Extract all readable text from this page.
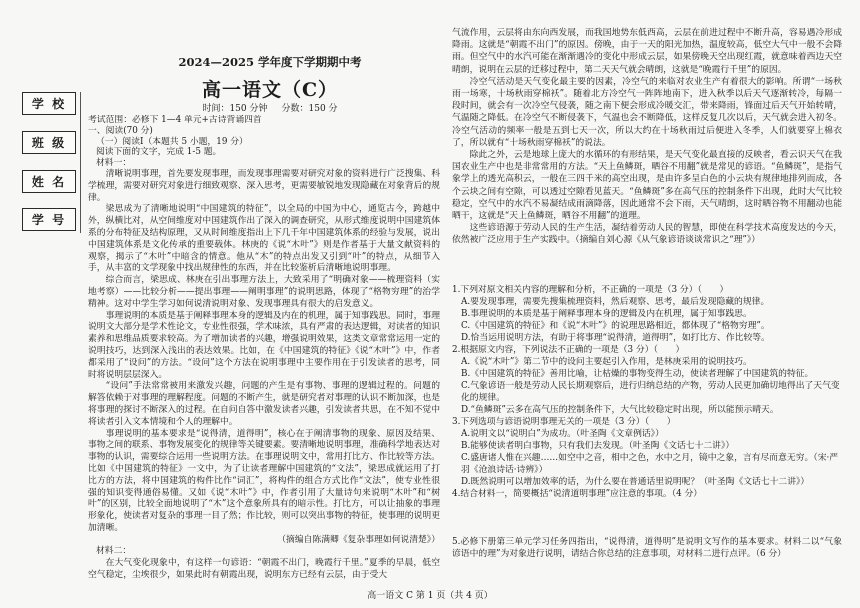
学 校
班 级
姓 名
学 号
2024—2025 学年度下学期期中考
高一语文（C）
时间：150 分钟 分数：150 分
考试范围：必修下 1—4 单元+古诗背诵四首
一、阅读(70 分)
（一）阅读Ⅰ（本题共 5 小题，19 分）
阅读下面的文字，完成 1-5 题。
材料一：

清晰说明事理，首先要发现事理，而发现事理需要对研究对象的资料进行广泛搜集、科学梳理，需要对研究对象进行细致观察、深入思考，更需要敏锐地发现隐藏在对象背后的规律。

梁思成为了清晰地说明“中国建筑的特征”，以全局的中国为中心，通览古今，跨越中外，纵横比对，从空间维度对中国建筑作出了深入的调查研究，从形式维度说明中国建筑体系的分布特征及结构原理，又从时间维度指出上下几千年中国建筑体系的经验与发展，说出中国建筑体系是文化传承的重要载体。林庚的《说“木叶”》则是作者基于大量文献资料的观察，揭示了“木叶”中暗含的情意。他从“木”的特点出发又引到“叶”的特点，从细节入手，从丰富的文学现象中找出规律性的东西，并在比较鉴析后清晰地说明事理。

综合而言，梁思成、林庚在引出事理方法上，大致采用了“明确对象——梳理资料（实地考察）——比较分析——提出事理——阐明事理”的说明思路，体现了“格物穷理”的治学精神。这对中学生学习如何说清说明对象、发现事理具有很大的启发意义。

事理说明的本质是基于阐释事理本身的逻辑及内在的机理，属于知事践思。同时，事理说明文大部分是学术性论文，专业性很强，学术味浓，具有严肃的表达逻辑，对读者的知识素养和思维品质要求较高。为了增加读者的兴趣，增强说明效果，这类文章常常运用一定的说明技巧，达到深入浅出的表达效果。比如，在《中国建筑的特征》《说“木叶”》中，作者都采用了“设问”的方法。“设问”这个方法在说明事理中主要作用在于引发读者的思考，同时将说明层层深入。

“设问”手法常常被用来激发兴趣，问题的产生是有事物、事理的逻辑过程的。问题的解答依赖于对事理的理解程度。问题的不断产生，就是研究者对事理的认识不断加深，也是将事理的探讨不断深入的过程。在自问自答中激发读者兴趣，引发读者共思，在不知不觉中将读者引入文本情境和个人的理解中。

事理说明的基本要求是“说得清，道得明”，核心在于阐清事物的现象、原因及结果、事物之间的联系、事物发展变化的规律等关键要素。要清晰地说明事理，准确科学地表达对事物的认识，需要综合运用一些说明方法。在事理说明文中，常用打比方、作比较等方法。比如《中国建筑的特征》一文中，为了让读者理解中国建筑的“文法”，梁思成就运用了打比方的方法，将中国建筑的构件比作“词汇”，将构件的组合方式比作“文法”，使专业性很强的知识变得通俗易懂。又如《说“木叶”》中，作者引用了大量诗句来说明“木叶”和“树叶”的区别，比较全面地说明了“木”这个意象所具有的暗示性。打比方，可以让抽象的事理形象化，使读者对复杂的事理一目了然；作比较，则可以突出事物的特征，使事理的说明更加清晰。

（摘编自陈满卿《复杂事理如何说清楚》）

材料二：

在大气变化现象中，有这样一句谚语：“朝霞不出门，晚霞行千里。”夏季的早晨，低空空气稳定，尘埃很少，如果此时有朝霞出现，说明东方已经有云层，由于受大

气流作用，云层将由东向西发展，而我国地势东低西高，云层在前进过程中不断升高，容易遇冷形成降雨。这就是“朝霞不出门”的原因。傍晚，由于一天的阳光加热，温度较高，低空大气中一般不会降雨。但空气中的水汽可能在渐渐遇冷的变化中形成云层，如果傍晚天空出现红霞，就意味着西边天空晴朗，说明在云层的迁移过程中，第二天天气就会晴朗，这就是“晚霞行千里”的原因。

冷空气活动是天气变化最主要的因素，冷空气的来临对农业生产有着很大的影响。所谓“一场秋雨一场寒，十场秋雨穿棉袄”。随着北方冷空气一阵阵地南下，进入秋季以后天气逐渐转冷，每隔一段时间，就会有一次冷空气侵袭，随之南下便会形成冷暖交汇，带来降雨，锋面过后天气开始转晴，气温随之降低。在冷空气不断侵袭下，气温也会不断降低，这样反复几次以后，天气就会进入初冬。冷空气活动的频率一般是五到七天一次，所以大约在十场秋雨过后便进入冬季，人们就要穿上棉衣了，所以就有“十场秋雨穿棉袄”的说法。

除此之外，云是地球上庞大的水循环的有形结果，是天气变化最直接的反映者，看云识天气在我国农业生产中也是非常常用的方法。“天上鱼鳞斑，晒谷不用翻”就是常见的谚语。“鱼鳞斑”，是指气象学上的透光高积云，一般在三四千米的高空出现，是由许多呈白色的小云块有规律地排列而成，各个云块之间有空隙，可以透过空隙看见蓝天。“鱼鳞斑”多在高气压的控制条件下出现，此时大气比较稳定，空气中的水汽不易凝结成雨滴降落，因此通常不会下雨，天气晴朗，这时晒谷物不用翻动也能晒干，这就是“天上鱼鳞斑，晒谷不用翻”的道理。

这些谚语源于劳动人民的生产生活，凝结着劳动人民的智慧，即使在科学技术高度发达的今天，依然被广泛应用于生产实践中。（摘编自刘心源《从气象谚语谈谈常识之“理”》）

1.下列对原文相关内容的理解和分析，不正确的一项是（3 分）（　　）
A.要发现事理，需要先搜集梳理资料，然后观察、思考，最后发现隐藏的规律。
B.事理说明的本质是基于阐释事理本身的逻辑及内在机理，属于知事践思。
C.《中国建筑的特征》和《说“木叶”》的说理思路相近，都体现了“格物穷理”。
D.恰当运用说明方法，有助于将事理“说得清，道得明”，如打比方、作比较等。
2.根据原文内容，下列说法不正确的一项是（3 分）（　　）
A.《说“木叶”》第二节中的设问主要起引入作用，是林庚采用的说明技巧。
B.《中国建筑的特征》善用比喻，让枯燥的事物变得生动，使读者理解了中国建筑的特征。
C.气象谚语一般是劳动人民长期观察后，进行归纳总结的产物，劳动人民更加确切地得出了天气变化的规律。
D.“鱼鳞斑”云多在高气压的控制条件下，大气比较稳定时出现，所以能预示晴天。
3.下列选项与谚语说明事理无关的一项是（3 分）（　　）
A.说明文以“说明白”为成功。（叶圣陶《文章例话》）
B.能够使读者明白事物，只有我们去发现。（叶圣陶《文话七十二讲》）
C.盛唐诸人惟在兴趣……如空中之音，相中之色，水中之月，镜中之象，言有尽而意无穷。（宋·严羽《沧浪诗话·诗辨》）
D.既然说明可以增加效率的话，为什么要在普通话里说明呢？（叶圣陶《文话七十二讲》）
4.结合材料一，简要概括“说清道明事理”应注意的事项。（4 分）
5.必修下册第三单元学习任务四指出，“说得清，道得明”是说明文写作的基本要求。材料二以“气象谚语中的理”为对象进行说明，请结合你总结的注意事项，对材料二进行点评。（6 分）
高一语文 C 第 1 页（共 4 页）
